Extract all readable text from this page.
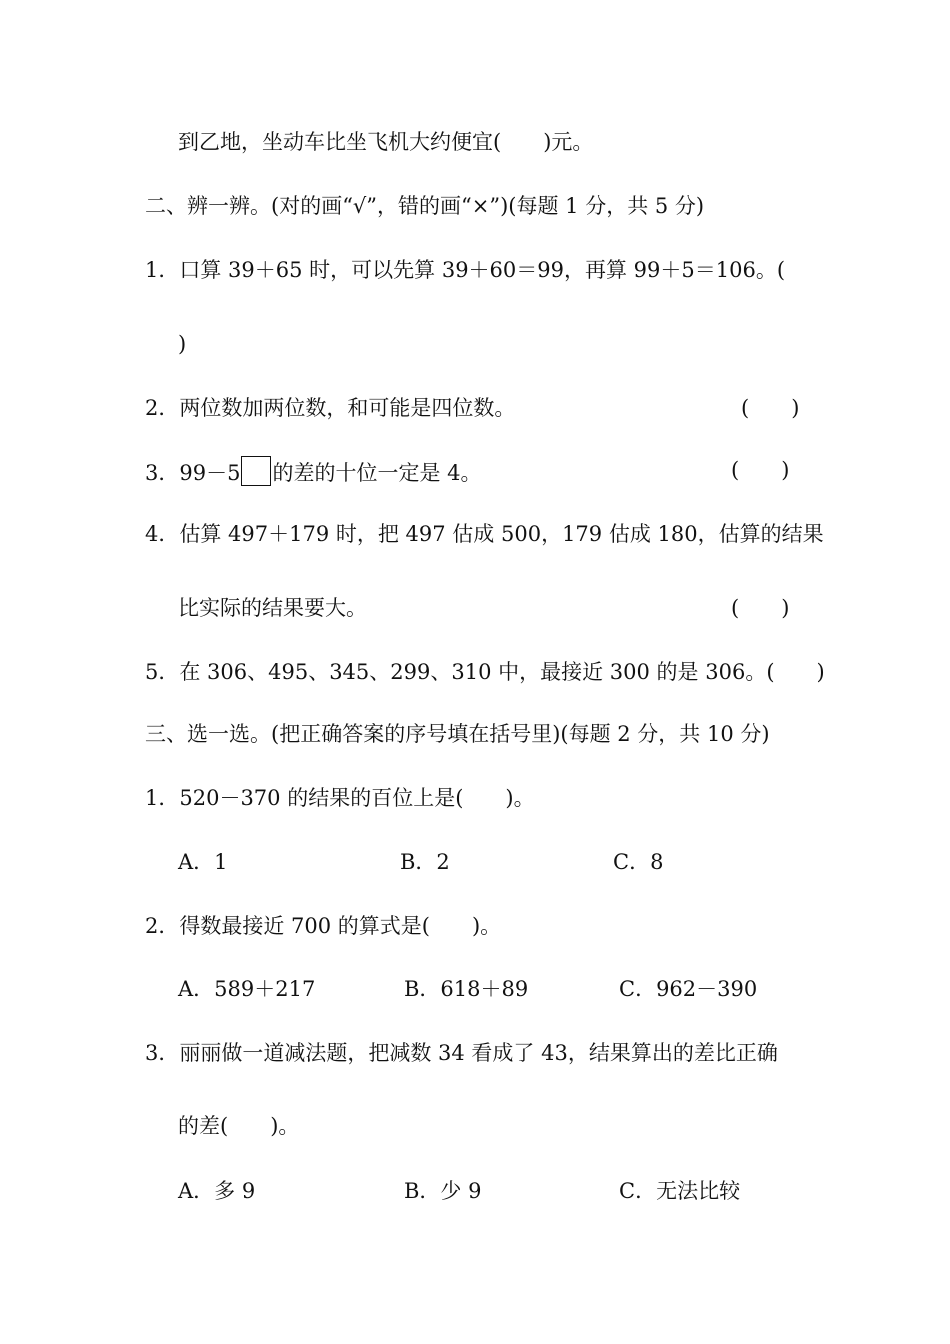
到乙地，坐动车比坐飞机大约便宜(　　)元。
二、辨一辨。(对的画“√”，错的画“×”)(每题 1 分，共 5 分)
1．口算 39＋65 时，可以先算 39＋60＝99，再算 99＋5＝106。(
)
2．两位数加两位数，和可能是四位数。	(　　)
3．99－5 的差的十位一定是 4。	(　　)
4．估算 497＋179 时，把 497 估成 500，179 估成 180，估算的结果
比实际的结果要大。	(　　)
5．在 306、495、345、299、310 中，最接近 300 的是 306。(　　)
三、选一选。(把正确答案的序号填在括号里)(每题 2 分，共 10 分)
1．520－370 的结果的百位上是(　　)。
A．1	B．2	C．8
2．得数最接近 700 的算式是(　　)。
A．589＋217	B．618＋89	C．962－390
3．丽丽做一道减法题，把减数 34 看成了 43，结果算出的差比正确
的差(　　)。
A．多 9	B．少 9	C．无法比较
